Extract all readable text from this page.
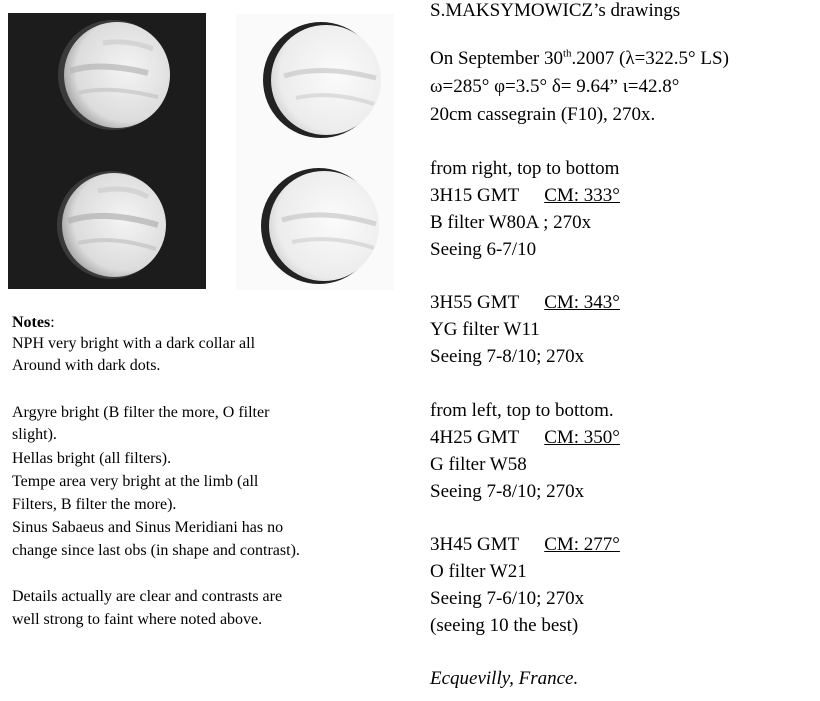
S.MAKSYMOWICZ’s drawings
On September 30th.2007 (λ=322.5° LS)
ω=285° φ=3.5° δ= 9.64” ι=42.8°
20cm cassegrain (F10), 270x.
from right, top to bottom
3H15 GMT CM: 333°
B filter W80A ; 270x
Seeing 6-7/10
3H55 GMT CM: 343°
YG filter W11
Seeing 7-8/10; 270x
from left, top to bottom.
4H25 GMT CM: 350°
G filter W58
Seeing 7-8/10; 270x
3H45 GMT CM: 277°
O filter W21
Seeing 7-6/10; 270x
(seeing 10 the best)
Ecquevilly, France.
Notes:
NPH very bright with a dark collar all
Around with dark dots.
Argyre bright (B filter the more, O filter
slight).
Hellas bright (all filters).
Tempe area very bright at the limb (all
Filters, B filter the more).
Sinus Sabaeus and Sinus Meridiani has no
change since last obs (in shape and contrast).
Details actually are clear and contrasts are
well strong to faint where noted above.
